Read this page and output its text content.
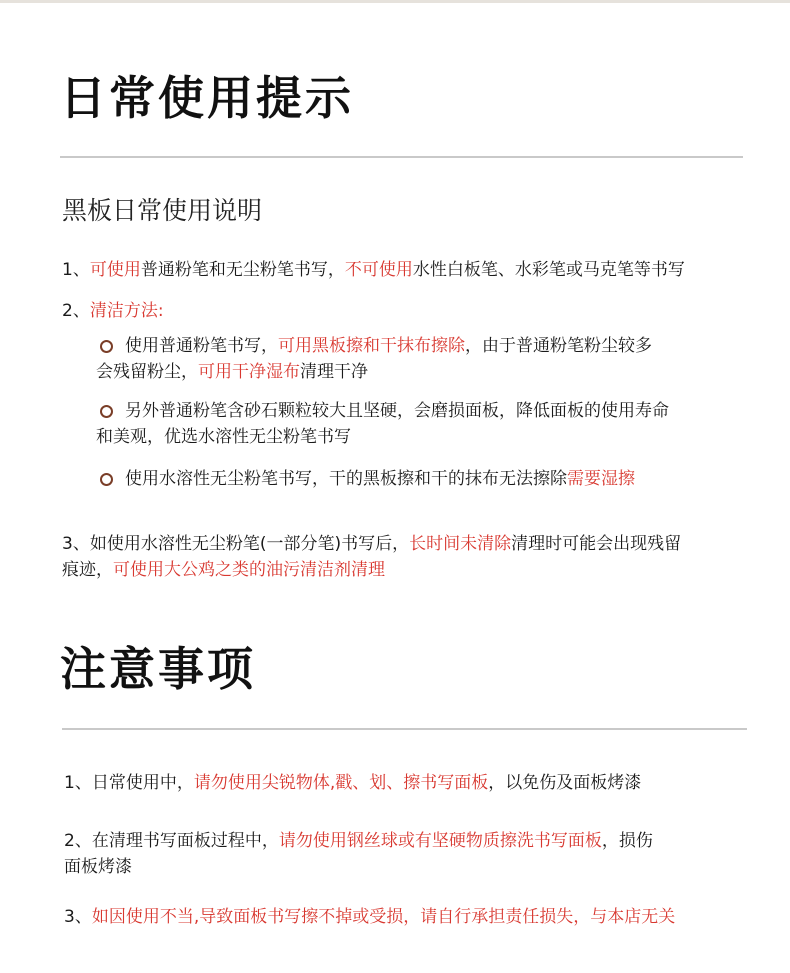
日常使用提示
黑板日常使用说明
1、可使用普通粉笔和无尘粉笔书写，不可使用水性白板笔、水彩笔或马克笔等书写
2、清洁方法:
使用普通粉笔书写，可用黑板擦和干抹布擦除，由于普通粉笔粉尘较多
会残留粉尘，可用干净湿布清理干净
另外普通粉笔含砂石颗粒较大且坚硬，会磨损面板，降低面板的使用寿命
和美观，优选水溶性无尘粉笔书写
使用水溶性无尘粉笔书写，干的黑板擦和干的抹布无法擦除需要湿擦
3、如使用水溶性无尘粉笔(一部分笔)书写后，长时间未清除清理时可能会出现残留
痕迹，可使用大公鸡之类的油污清洁剂清理
注意事项
1、日常使用中，请勿使用尖锐物体,戳、划、擦书写面板，以免伤及面板烤漆
2、在清理书写面板过程中，请勿使用钢丝球或有坚硬物质擦洗书写面板，损伤
面板烤漆
3、如因使用不当,导致面板书写擦不掉或受损，请自行承担责任损失，与本店无关
